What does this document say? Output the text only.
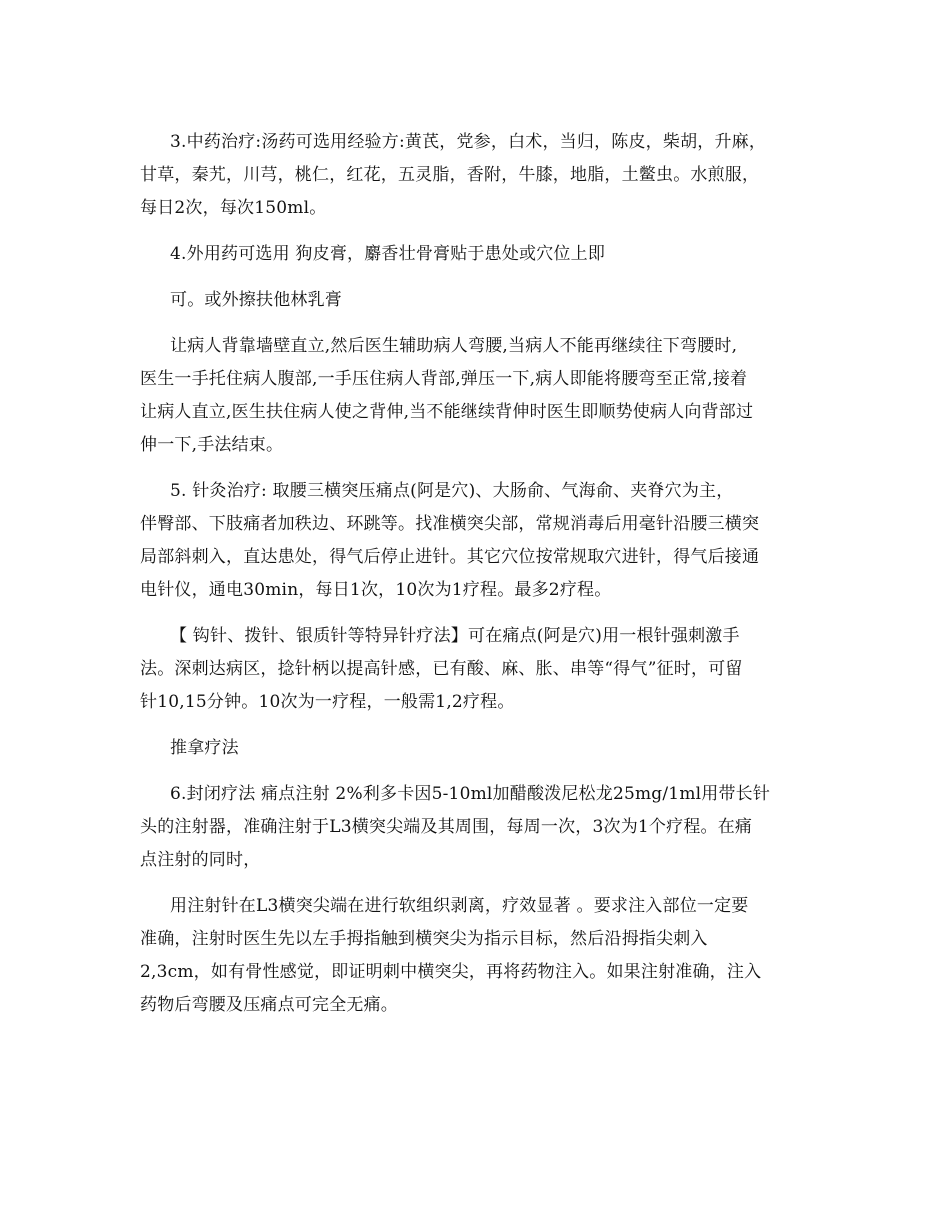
3.中药治疗:汤药可选用经验方:黄芪，党参，白术，当归，陈皮，柴胡，升麻，
甘草，秦艽，川芎，桃仁，红花，五灵脂，香附，牛膝，地脂，土鳖虫。水煎服，
每日2次，每次150ml。

4.外用药可选用 狗皮膏，麝香壮骨膏贴于患处或穴位上即

可。或外擦扶他林乳膏

让病人背靠墙壁直立,然后医生辅助病人弯腰,当病人不能再继续往下弯腰时,
医生一手托住病人腹部,一手压住病人背部,弹压一下,病人即能将腰弯至正常,接着
让病人直立,医生扶住病人使之背伸,当不能继续背伸时医生即顺势使病人向背部过
伸一下,手法结束。

5. 针灸治疗: 取腰三横突压痛点(阿是穴)、大肠俞、气海俞、夹脊穴为主，
伴臀部、下肢痛者加秩边、环跳等。找准横突尖部，常规消毒后用毫针沿腰三横突
局部斜刺入，直达患处，得气后停止进针。其它穴位按常规取穴进针，得气后接通
电针仪，通电30min，每日1次，10次为1疗程。最多2疗程。

【 钩针、拨针、银质针等特异针疗法】可在痛点(阿是穴)用一根针强刺激手
法。深刺达病区，捻针柄以提高针感，已有酸、麻、胀、串等“得气”征时，可留
针10,15分钟。10次为一疗程，一般需1,2疗程。

推拿疗法

6.封闭疗法 痛点注射 2%利多卡因5-10ml加醋酸泼尼松龙25mg/1ml用带长针
头的注射器，准确注射于L3横突尖端及其周围，每周一次，3次为1个疗程。在痛
点注射的同时，

用注射针在L3横突尖端在进行软组织剥离，疗效显著 。要求注入部位一定要
准确，注射时医生先以左手拇指触到横突尖为指示目标，然后沿拇指尖刺入
2,3cm，如有骨性感觉，即证明刺中横突尖，再将药物注入。如果注射准确，注入
药物后弯腰及压痛点可完全无痛。
